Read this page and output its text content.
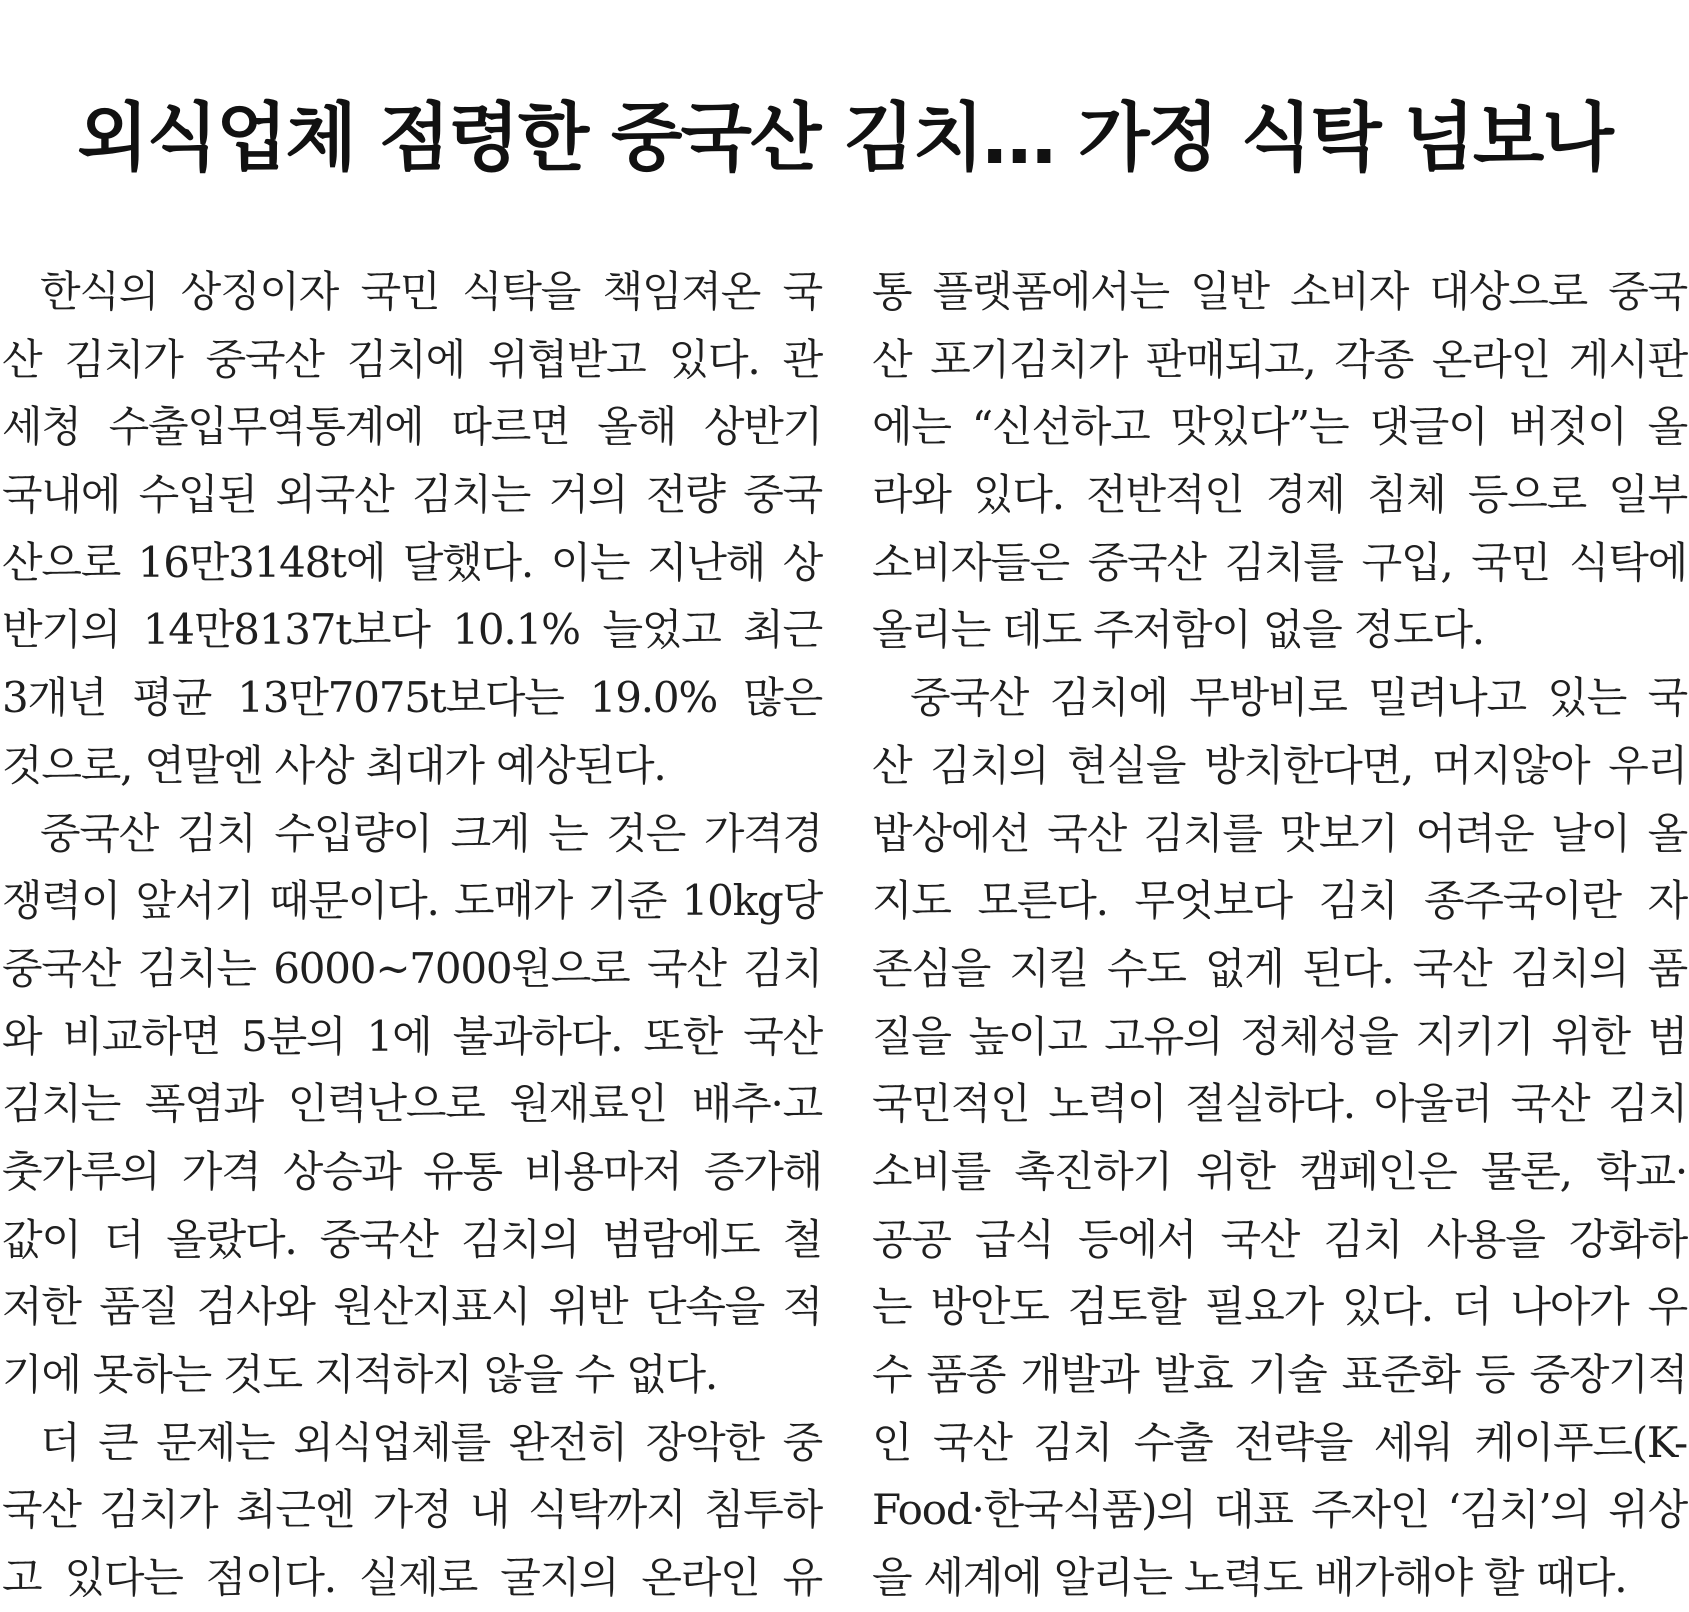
외식업체 점령한 중국산 김치… 가정 식탁 넘보나
한식의 상징이자 국민 식탁을 책임져온 국
산 김치가 중국산 김치에 위협받고 있다. 관
세청 수출입무역통계에 따르면 올해 상반기
국내에 수입된 외국산 김치는 거의 전량 중국
산으로 16만3148t에 달했다. 이는 지난해 상
반기의 14만8137t보다 10.1% 늘었고 최근
3개년 평균 13만7075t보다는 19.0% 많은
것으로, 연말엔 사상 최대가 예상된다.
중국산 김치 수입량이 크게 는 것은 가격경
쟁력이 앞서기 때문이다. 도매가 기준 10kg당
중국산 김치는 6000~7000원으로 국산 김치
와 비교하면 5분의 1에 불과하다. 또한 국산
김치는 폭염과 인력난으로 원재료인 배추·고
춧가루의 가격 상승과 유통 비용마저 증가해
값이 더 올랐다. 중국산 김치의 범람에도 철
저한 품질 검사와 원산지표시 위반 단속을 적
기에 못하는 것도 지적하지 않을 수 없다.
더 큰 문제는 외식업체를 완전히 장악한 중
국산 김치가 최근엔 가정 내 식탁까지 침투하
고 있다는 점이다. 실제로 굴지의 온라인 유
통 플랫폼에서는 일반 소비자 대상으로 중국
산 포기김치가 판매되고, 각종 온라인 게시판
에는 “신선하고 맛있다”는 댓글이 버젓이 올
라와 있다. 전반적인 경제 침체 등으로 일부
소비자들은 중국산 김치를 구입, 국민 식탁에
올리는 데도 주저함이 없을 정도다.
중국산 김치에 무방비로 밀려나고 있는 국
산 김치의 현실을 방치한다면, 머지않아 우리
밥상에선 국산 김치를 맛보기 어려운 날이 올
지도 모른다. 무엇보다 김치 종주국이란 자
존심을 지킬 수도 없게 된다. 국산 김치의 품
질을 높이고 고유의 정체성을 지키기 위한 범
국민적인 노력이 절실하다. 아울러 국산 김치
소비를 촉진하기 위한 캠페인은 물론, 학교·
공공 급식 등에서 국산 김치 사용을 강화하
는 방안도 검토할 필요가 있다. 더 나아가 우
수 품종 개발과 발효 기술 표준화 등 중장기적
인 국산 김치 수출 전략을 세워 케이푸드(K-
Food·한국식품)의 대표 주자인 ‘김치’의 위상
을 세계에 알리는 노력도 배가해야 할 때다.
